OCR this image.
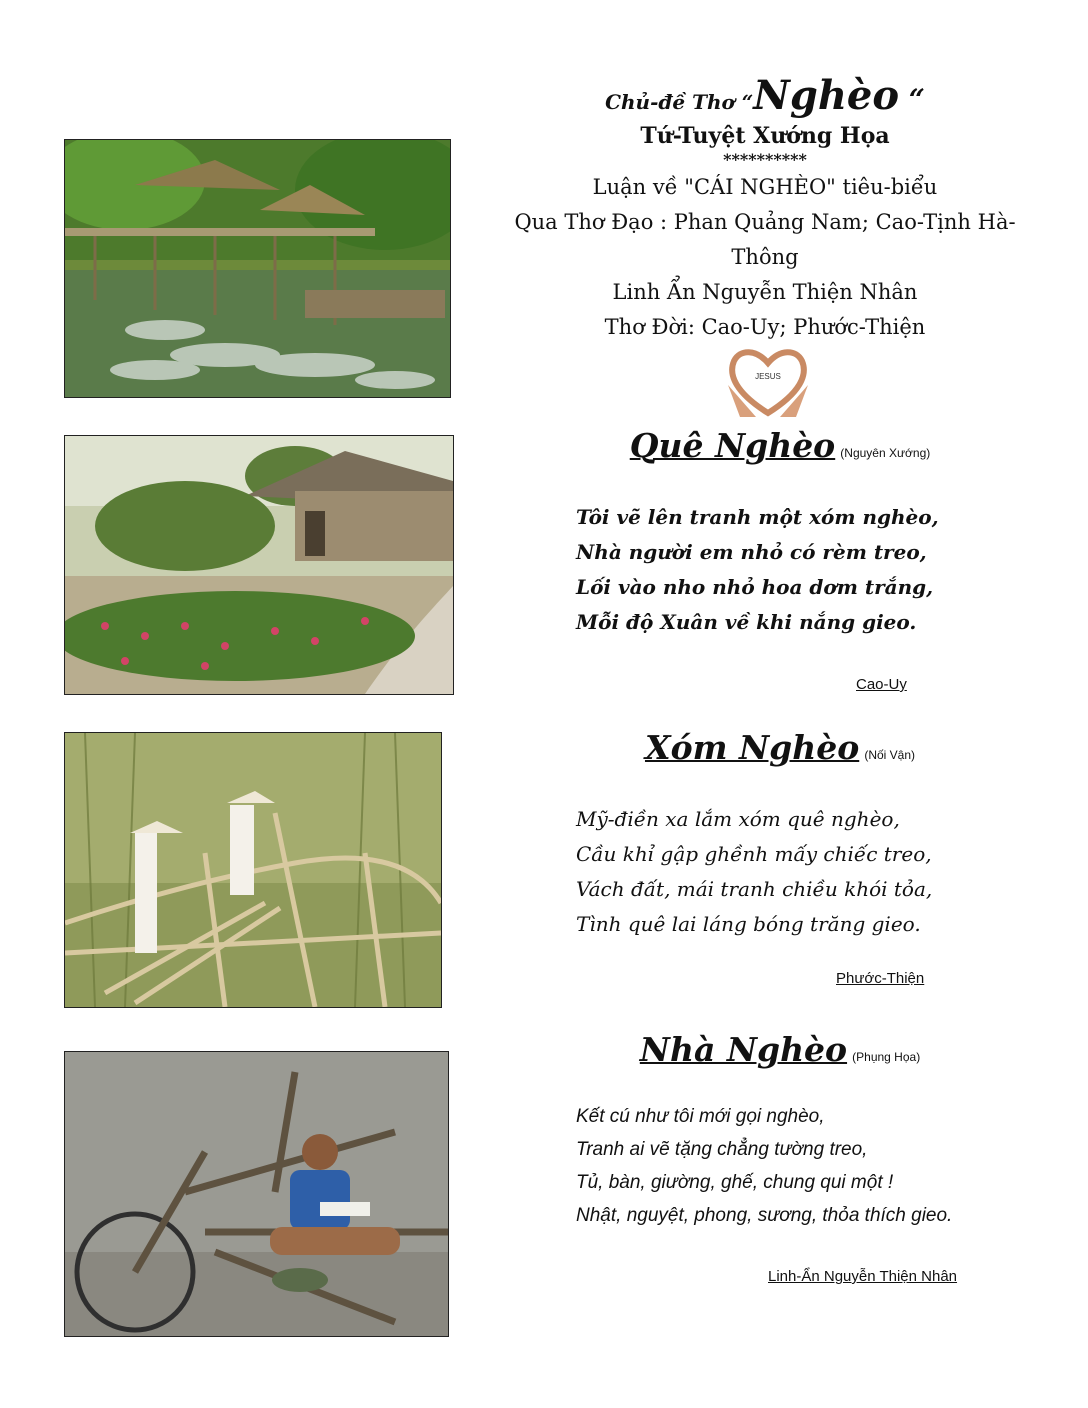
Chủ-đề Thơ “Nghèo “
Tứ-Tuyệt Xướng Họa
**********
Luận về "CÁI NGHÈO" tiêu-biểu
Qua Thơ Đạo : Phan Quảng Nam; Cao-Tịnh Hà-Thông
Linh Ẩn Nguyễn Thiện Nhân
Thơ Đời: Cao-Uy; Phước-Thiện
JESUS
Quê Nghèo (Nguyên Xướng)
Tôi vẽ lên tranh một xóm nghèo,
Nhà người em nhỏ có rèm treo,
Lối vào nho nhỏ hoa dơm trắng,
Mỗi độ Xuân về khi nắng gieo.
Cao-Uy
Xóm Nghèo (Nối Vận)
Mỹ-điền xa lắm xóm quê nghèo,
Cầu khỉ gập ghềnh mấy chiếc treo,
Vách đất, mái tranh chiều khói tỏa,
Tình quê lai láng bóng trăng gieo.
Phước-Thiện
Nhà Nghèo (Phụng Họa)
Kết cú như tôi mới gọi nghèo,
Tranh ai vẽ tặng chẳng tường treo,
Tủ, bàn, giường, ghế, chung qui một !
Nhật, nguyệt, phong, sương, thỏa thích gieo.
Linh-Ẩn Nguyễn Thiện Nhân
